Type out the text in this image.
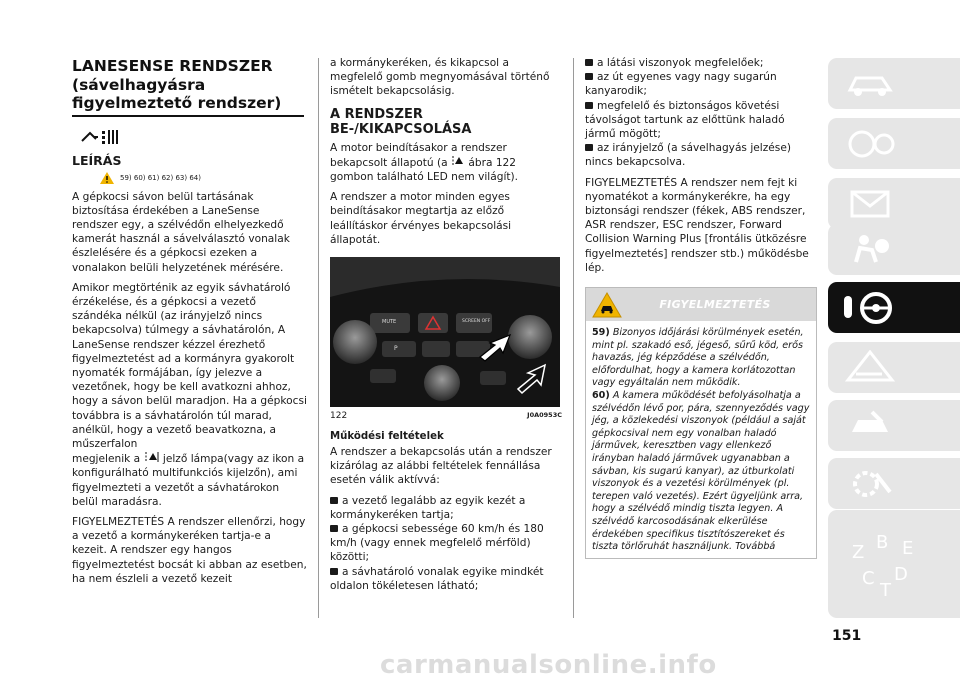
LANESENSE RENDSZER
(sávelhagyásra
figyelmeztető rendszer)
LEÍRÁS
59) 60) 61) 62) 63) 64)

A gépkocsi sávon belül tartásának biztosítása érdekében a LaneSense rendszer egy, a szélvédőn elhelyezkedő kamerát használ a sávelválasztó vonalak észlelésére és a gépkocsi ezeken a vonalakon belüli helyzetének mérésére.

Amikor megtörténik az egyik sávhatároló érzékelése, és a gépkocsi a vezető szándéka nélkül (az irányjelző nincs bekapcsolva) túlmegy a sávhatárolón, A LaneSense rendszer kézzel érezhető figyelmeztetést ad a kormányra gyakorolt nyomaték formájában, így jelezve a vezetőnek, hogy be kell avatkozni ahhoz, hogy a sávon belül maradjon. Ha a gépkocsi továbbra is a sávhatárolón túl marad, anélkül, hogy a vezető beavatkozna, a műszerfalon
megjelenik a jelző lámpa(vagy az ikon a konfigurálható multifunkciós kijelzőn), ami figyelmezteti a vezetőt a sávhatárokon belül maradásra.

FIGYELMEZTETÉS A rendszer ellenőrzi, hogy a vezető a kormánykeréken tartja-e a kezeit. A rendszer egy hangos figyelmeztetést bocsát ki abban az esetben, ha nem észleli a vezető kezeit

a kormánykeréken, és kikapcsol a megfelelő gomb megnyomásával történő ismételt bekapcsolásig.

A RENDSZER BE-/KIKAPCSOLÁSA

A motor beindításakor a rendszer bekapcsolt állapotú (a ábra 122 gombon található LED nem világít).

A rendszer a motor minden egyes beindításakor megtartja az előző leállításkor érvényes bekapcsolási állapotát.

MUTE	SCREEN OFF
P
122	J0A0953C
Működési feltételek

A rendszer a bekapcsolás után a rendszer kizárólag az alábbi feltételek fennállása esetén válik aktívvá:

a vezető legalább az egyik kezét a kormánykeréken tartja;

a gépkocsi sebessége 60 km/h és 180 km/h (vagy ennek megfelelő mérföld) közötti;

a sávhatároló vonalak egyike mindkét oldalon tökéletesen látható;

a látási viszonyok megfelelőek;

az út egyenes vagy nagy sugarún kanyarodik;

megfelelő és biztonságos követési távolságot tartunk az előttünk haladó jármű mögött;

az irányjelző (a sávelhagyás jelzése) nincs bekapcsolva.

FIGYELMEZTETÉS A rendszer nem fejt ki nyomatékot a kormánykerékre, ha egy biztonsági rendszer (fékek, ABS rendszer, ASR rendszer, ESC rendszer, Forward Collision Warning Plus [frontális ütközésre figyelmeztetés] rendszer stb.) működésbe lép.

FIGYELMEZTETÉS
59) Bizonyos időjárási körülmények esetén, mint pl. szakadó eső, jégeső, sűrű köd, erős havazás, jég képződése a szélvédőn, előfordulhat, hogy a kamera korlátozottan vagy egyáltalán nem működik.
60) A kamera működését befolyásolhatja a szélvédőn lévő por, pára, szennyeződés vagy jég, a közlekedési viszonyok (például a saját gépkocsival nem egy vonalban haladó járművek, keresztben vagy ellenkező irányban haladó járművek ugyanabban a sávban, kis sugarú kanyar), az útburkolati viszonyok és a vezetési körülmények (pl. terepen való vezetés). Ezért ügyeljünk arra, hogy a szélvédő mindig tiszta legyen. A szélvédő karcosodásának elkerülése érdekében specifikus tisztítószereket és tiszta törlőruhát használjunk. Továbbá	Z B E
C D
T
151
carmanualsonline.info
